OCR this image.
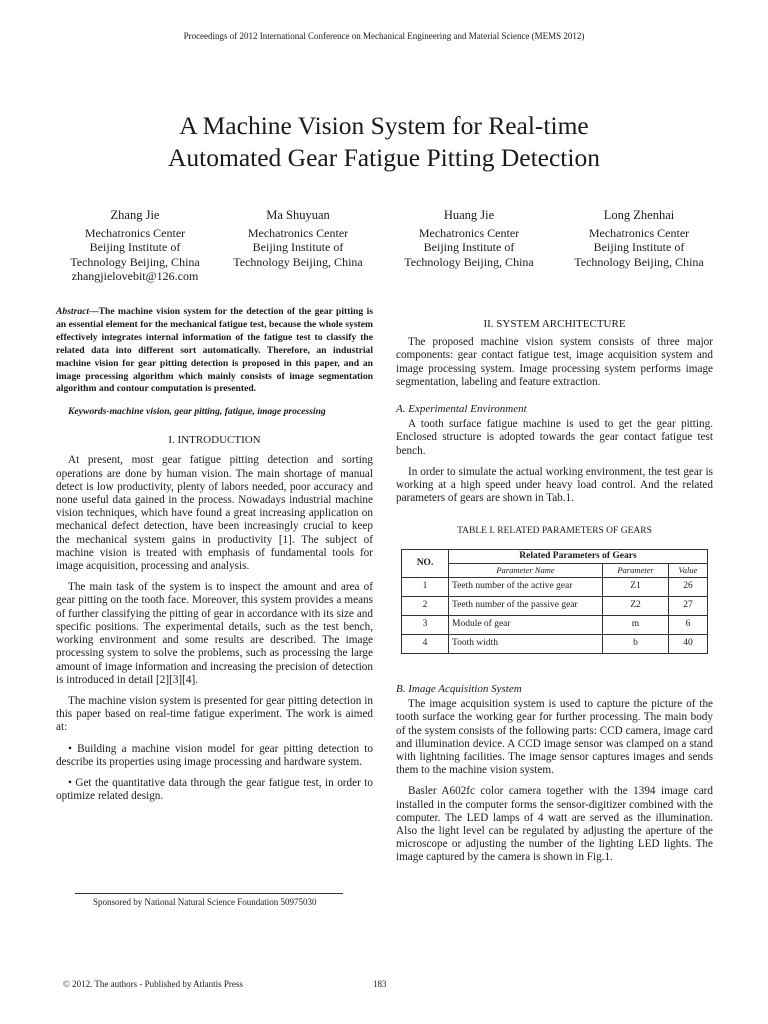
Proceedings of 2012 International Conference on Mechanical Engineering and Material Science (MEMS 2012)
A Machine Vision System for Real-time
Automated Gear Fatigue Pitting Detection
Zhang Jie
Mechatronics Center
Beijing Institute of
Technology Beijing, China
zhangjielovebit@126.com
Ma Shuyuan
Mechatronics Center
Beijing Institute of
Technology Beijing, China
Huang Jie
Mechatronics Center
Beijing Institute of
Technology Beijing, China
Long Zhenhai
Mechatronics Center
Beijing Institute of
Technology Beijing, China

Abstract—The machine vision system for the detection of the gear pitting is an essential element for the mechanical fatigue test, because the whole system effectively integrates internal information of the fatigue test to classify the related data into different sort automatically. Therefore, an industrial machine vision for gear pitting detection is proposed in this paper, and an image processing algorithm which mainly consists of image segmentation algorithm and contour computation is presented.

Keywords-machine vision, gear pitting, fatigue, image processing

I. INTRODUCTION

At present, most gear fatigue pitting detection and sorting operations are done by human vision. The main shortage of manual detect is low productivity, plenty of labors needed, poor accuracy and none useful data gained in the process. Nowadays industrial machine vision techniques, which have found a great increasing application on mechanical defect detection, have been increasingly crucial to keep the mechanical system gains in productivity [1]. The subject of machine vision is treated with emphasis of fundamental tools for image acquisition, processing and analysis.

The main task of the system is to inspect the amount and area of gear pitting on the tooth face. Moreover, this system provides a means of further classifying the pitting of gear in accordance with its size and specific positions. The experimental details, such as the test bench, working environment and some results are described. The image processing system to solve the problems, such as processing the large amount of image information and increasing the precision of detection is introduced in detail [2][3][4].

The machine vision system is presented for gear pitting detection in this paper based on real-time fatigue experiment. The work is aimed at:

• Building a machine vision model for gear pitting detection to describe its properties using image processing and hardware system.

• Get the quantitative data through the gear fatigue test, in order to optimize related design.

Sponsored by National Natural Science Foundation 50975030

II. SYSTEM ARCHITECTURE

The proposed machine vision system consists of three major components: gear contact fatigue test, image acquisition system and image processing system. Image processing system performs image segmentation, labeling and feature extraction.

A. Experimental Environment

A tooth surface fatigue machine is used to get the gear pitting. Enclosed structure is adopted towards the gear contact fatigue test bench.

In order to simulate the actual working environment, the test gear is working at a high speed under heavy load control. And the related parameters of gears are shown in Tab.1.

TABLE I. RELATED PARAMETERS OF GEARS

NO.	Related Parameters of Gears		
	Parameter Name	Parameter	Value
1	Teeth number of the active gear	Z1	26
2	Teeth number of the passive gear	Z2	27
3	Module of gear	m	6
4	Tooth width	b	40

B. Image Acquisition System

The image acquisition system is used to capture the picture of the tooth surface the working gear for further processing. The main body of the system consists of the following parts: CCD camera, image card and illumination device. A CCD image sensor was clamped on a stand with lightning facilities. The image sensor captures images and sends them to the machine vision system.

Basler A602fc color camera together with the 1394 image card installed in the computer forms the sensor-digitizer combined with the computer. The LED lamps of 4 watt are served as the illumination. Also the light level can be regulated by adjusting the aperture of the microscope or adjusting the number of the lighting LED lights. The image captured by the camera is shown in Fig.1.

© 2012. The authors - Published by Atlantis Press	183
